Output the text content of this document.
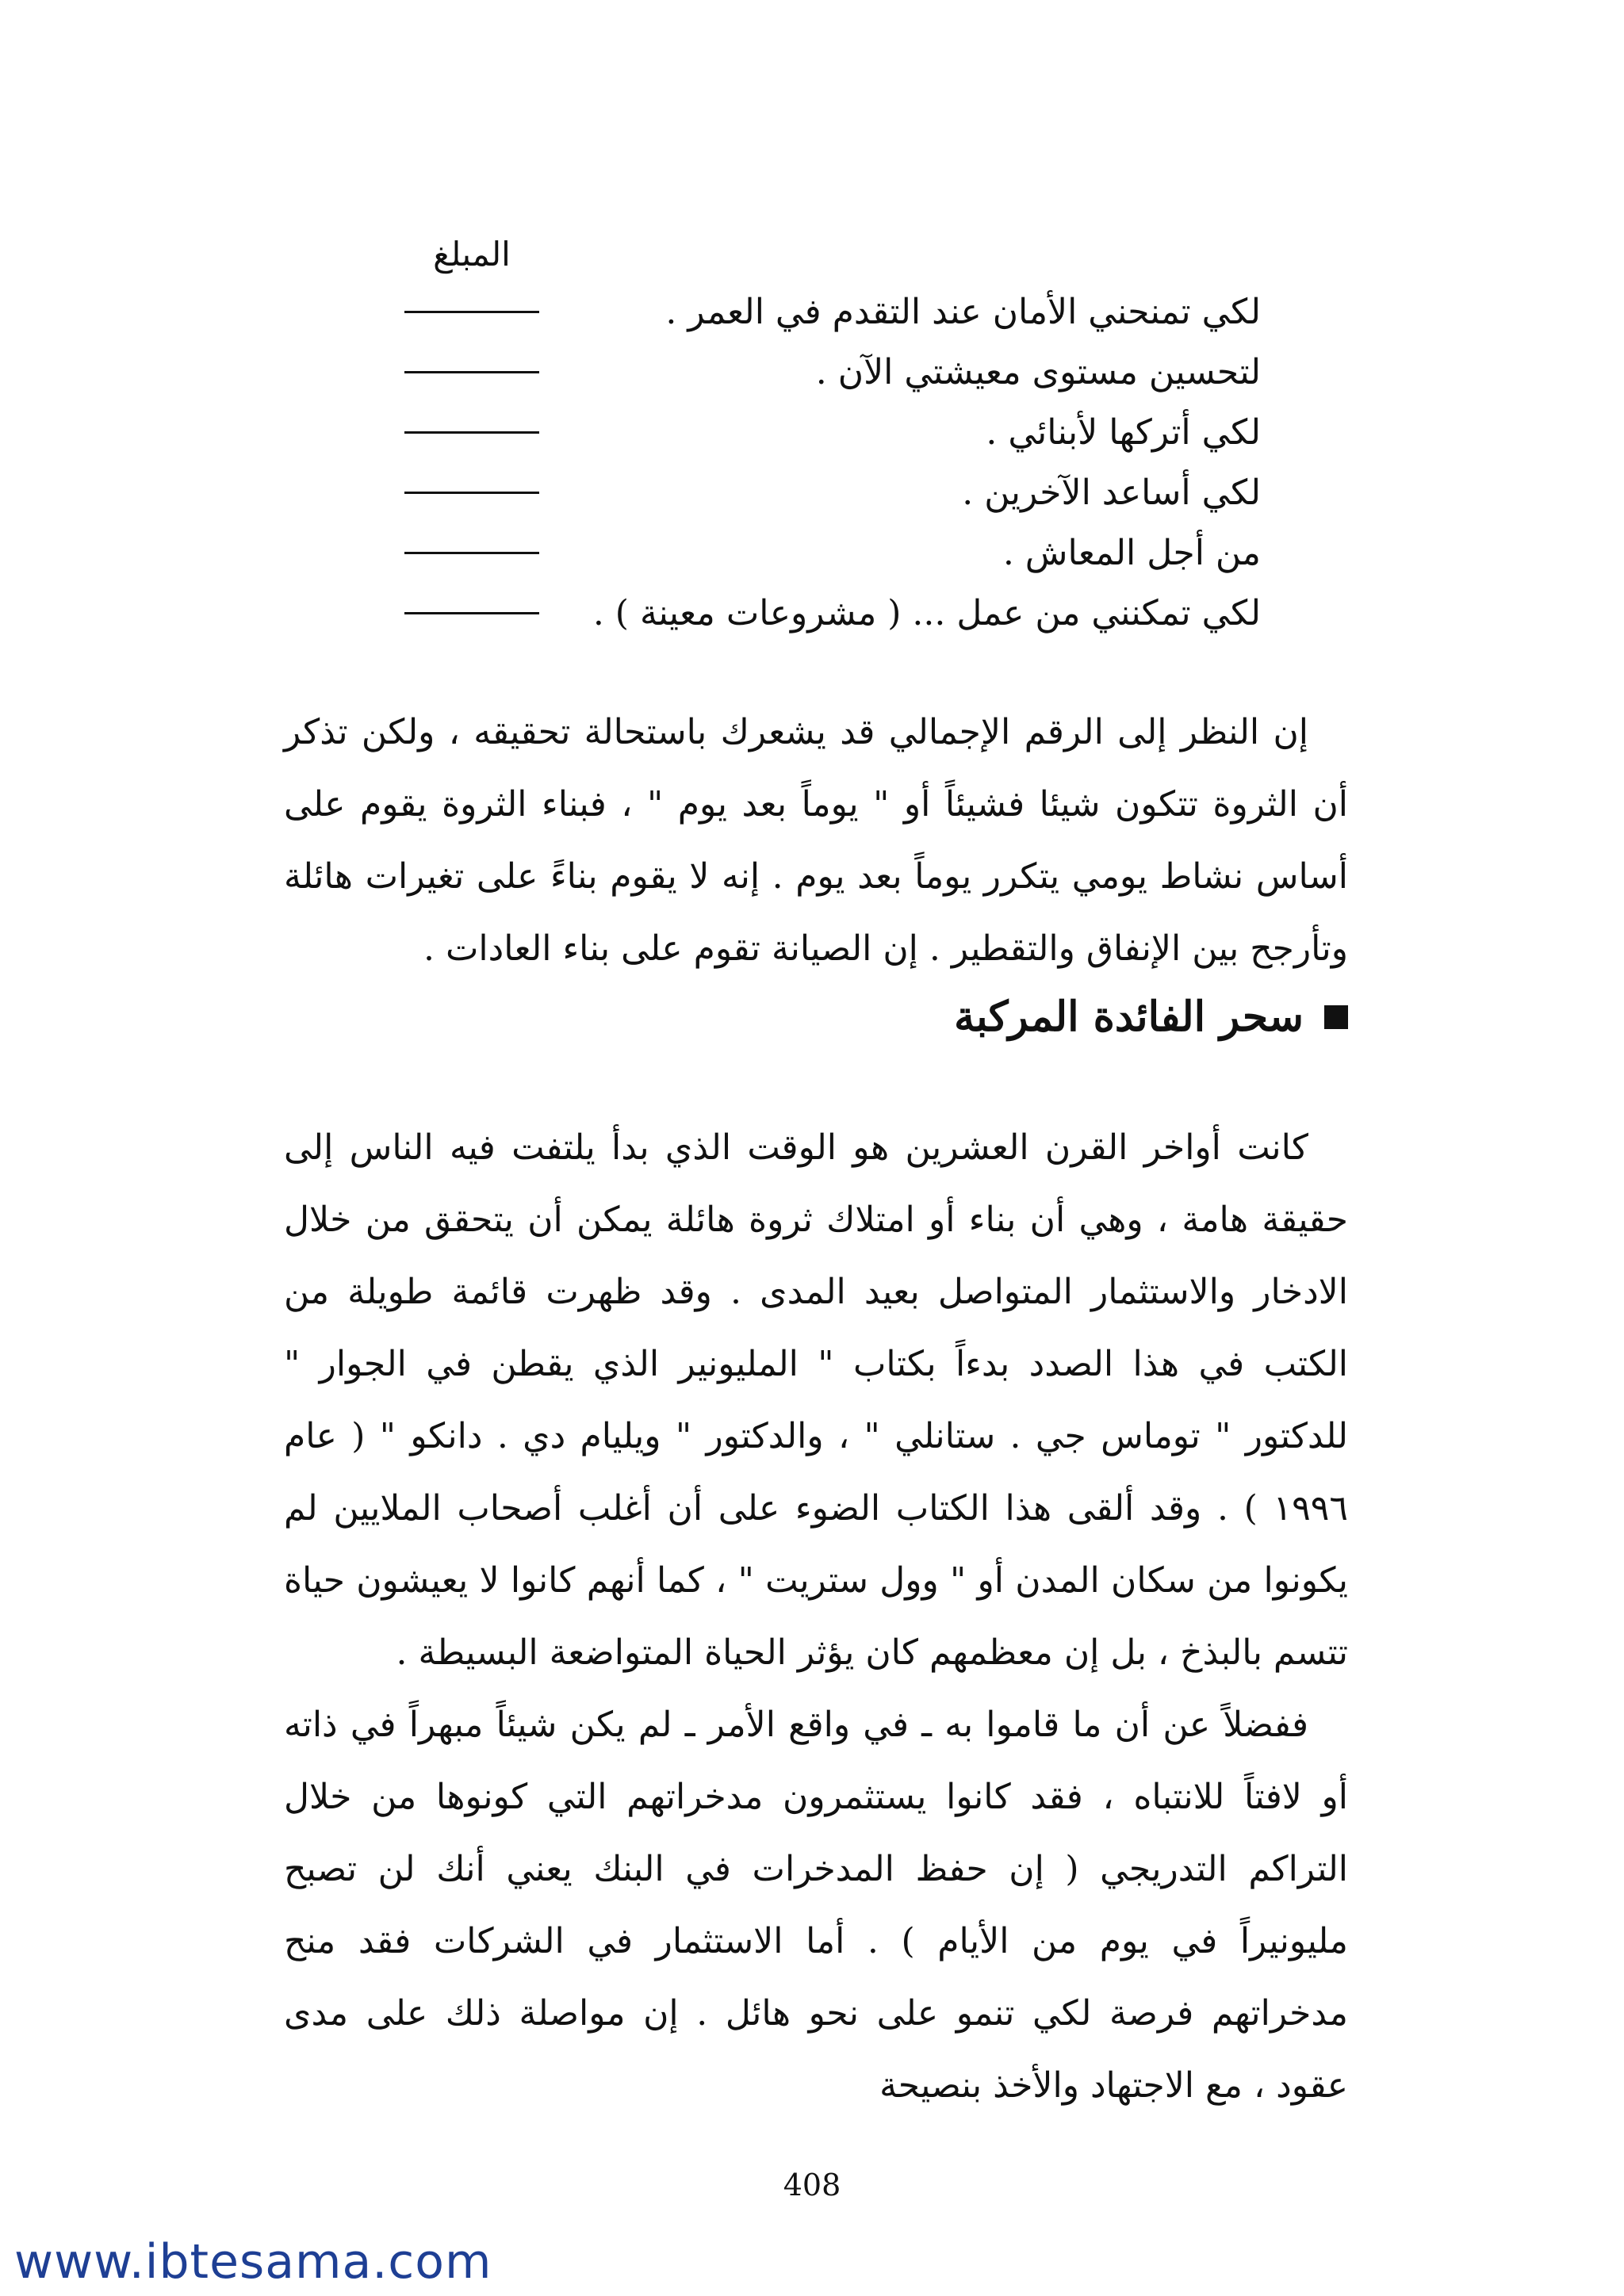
المبلغ
لكي تمنحني الأمان عند التقدم في العمر .
لتحسين مستوى معيشتي الآن .
لكي أتركها لأبنائي .
لكي أساعد الآخرين .
من أجل المعاش .
لكي تمكنني من عمل ... ( مشروعات معينة ) .

إن النظر إلى الرقم الإجمالي قد يشعرك باستحالة تحقيقه ، ولكن تذكر أن الثروة تتكون شيئا فشيئاً أو " يوماً بعد يوم " ، فبناء الثروة يقوم على أساس نشاط يومي يتكرر يوماً بعد يوم . إنه لا يقوم بناءً على تغيرات هائلة وتأرجح بين الإنفاق والتقطير . إن الصيانة تقوم على بناء العادات .

سحر الفائدة المركبة

كانت أواخر القرن العشرين هو الوقت الذي بدأ يلتفت فيه الناس إلى حقيقة هامة ، وهي أن بناء أو امتلاك ثروة هائلة يمكن أن يتحقق من خلال الادخار والاستثمار المتواصل بعيد المدى . وقد ظهرت قائمة طويلة من الكتب في هذا الصدد بدءاً بكتاب " المليونير الذي يقطن في الجوار " للدكتور " توماس جي . ستانلي " ، والدكتور " ويليام دي . دانكو " ( عام ١٩٩٦ ) . وقد ألقى هذا الكتاب الضوء على أن أغلب أصحاب الملايين لم يكونوا من سكان المدن أو " وول ستريت " ، كما أنهم كانوا لا يعيشون حياة تتسم بالبذخ ، بل إن معظمهم كان يؤثر الحياة المتواضعة البسيطة .

ففضلاً عن أن ما قاموا به ـ في واقع الأمر ـ لم يكن شيئاً مبهراً في ذاته أو لافتاً للانتباه ، فقد كانوا يستثمرون مدخراتهم التي كونوها من خلال التراكم التدريجي ( إن حفظ المدخرات في البنك يعني أنك لن تصبح مليونيراً في يوم من الأيام ) . أما الاستثمار في الشركات فقد منح مدخراتهم فرصة لكي تنمو على نحو هائل . إن مواصلة ذلك على مدى عقود ، مع الاجتهاد والأخذ بنصيحة

408
www.ibtesama.com
